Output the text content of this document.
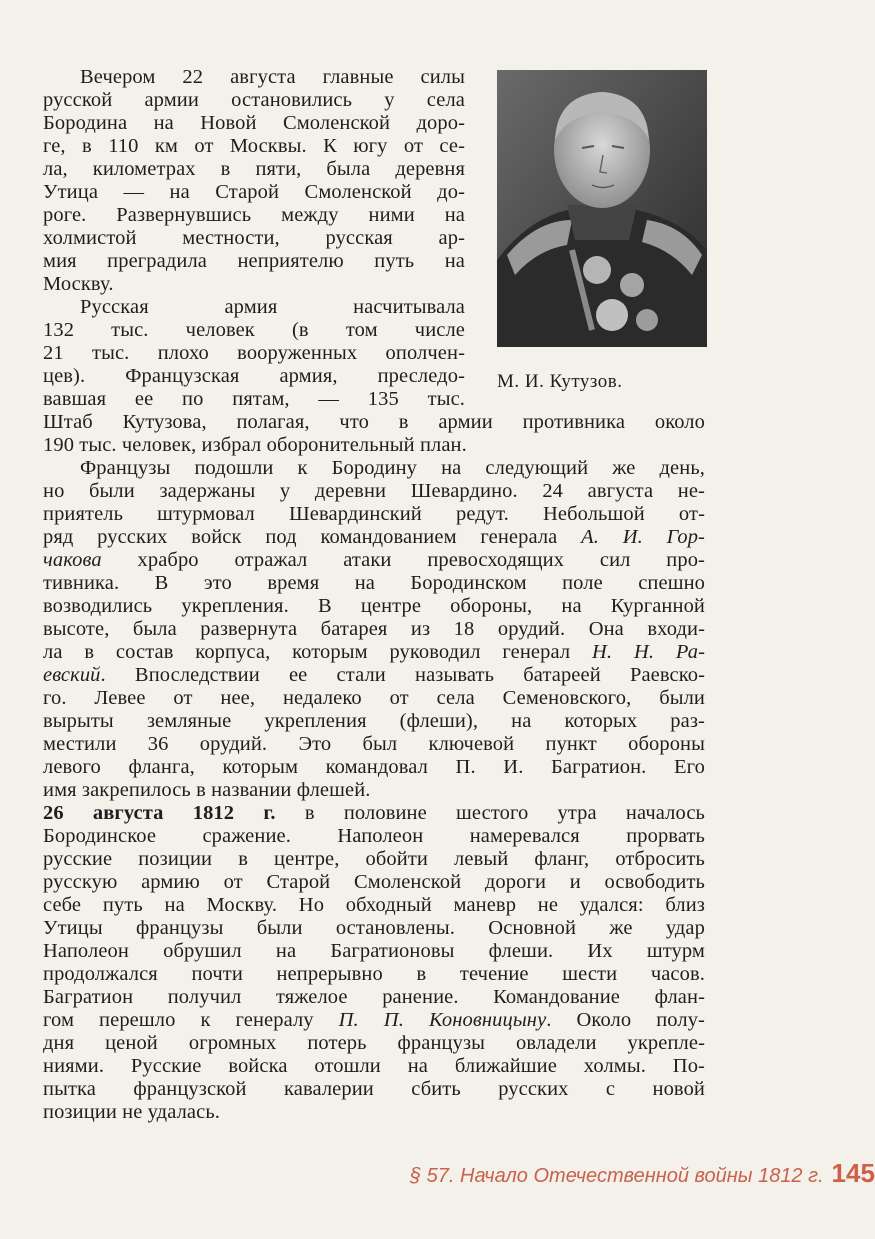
М. И. Кутузов.
Вечером 22 августа главные силы
русской армии остановились у села
Бородина на Новой Смоленской доро-
ге, в 110 км от Москвы. К югу от се-
ла, километрах в пяти, была деревня
Утица — на Старой Смоленской до-
роге. Развернувшись между ними на
холмистой местности, русская ар-
мия преградила неприятелю путь на
Москву.
Русская армия насчитывала
132 тыс. человек (в том числе
21 тыс. плохо вооруженных ополчен-
цев). Французская армия, преследо-
вавшая ее по пятам, — 135 тыс.
Штаб Кутузова, полагая, что в армии противника около
190 тыс. человек, избрал оборонительный план.
Французы подошли к Бородину на следующий же день,
но были задержаны у деревни Шевардино. 24 августа не-
приятель штурмовал Шевардинский редут. Небольшой от-
ряд русских войск под командованием генерала А. И. Гор-
чакова храбро отражал атаки превосходящих сил про-
тивника. В это время на Бородинском поле спешно
возводились укрепления. В центре обороны, на Курганной
высоте, была развернута батарея из 18 орудий. Она входи-
ла в состав корпуса, которым руководил генерал Н. Н. Ра-
евский. Впоследствии ее стали называть батареей Раевско-
го. Левее от нее, недалеко от села Семеновского, были
вырыты земляные укрепления (флеши), на которых раз-
местили 36 орудий. Это был ключевой пункт обороны
левого фланга, которым командовал П. И. Багратион. Его
имя закрепилось в названии флешей.
26 августа 1812 г. в половине шестого утра началось
Бородинское сражение. Наполеон намеревался прорвать
русские позиции в центре, обойти левый фланг, отбросить
русскую армию от Старой Смоленской дороги и освободить
себе путь на Москву. Но обходный маневр не удался: близ
Утицы французы были остановлены. Основной же удар
Наполеон обрушил на Багратионовы флеши. Их штурм
продолжался почти непрерывно в течение шести часов.
Багратион получил тяжелое ранение. Командование флан-
гом перешло к генералу П. П. Коновницыну. Около полу-
дня ценой огромных потерь французы овладели укрепле-
ниями. Русские войска отошли на ближайшие холмы. По-
пытка французской кавалерии сбить русских с новой
позиции не удалась.
§ 57. Начало Отечественной войны 1812 г. 145
